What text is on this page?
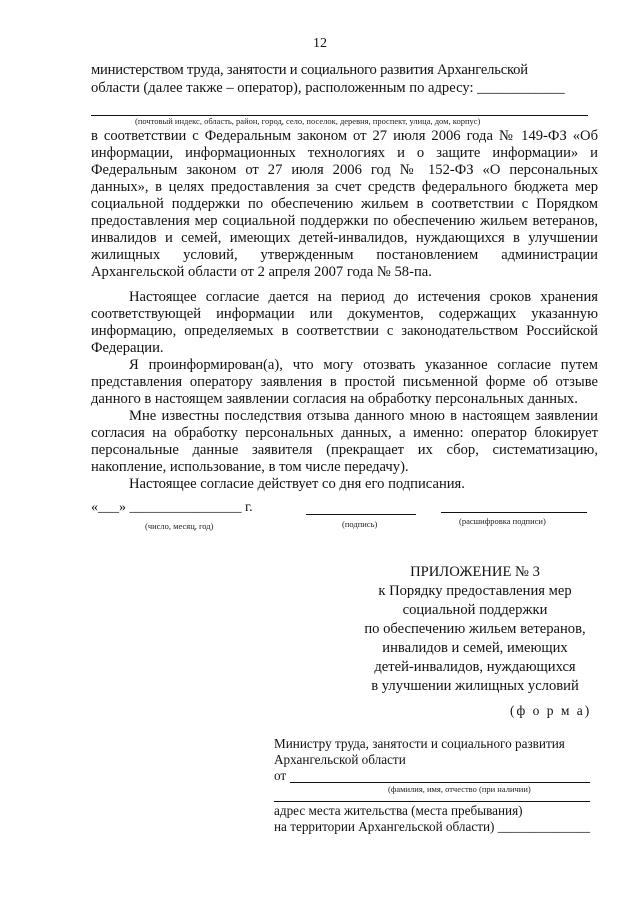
12
министерством труда, занятости и социального развития Архангельской
области (далее также – оператор), расположенным по адресу: ____________
(почтовый индекс, область, район, город, село, поселок, деревня, проспект, улица, дом, корпус)
в соответствии с Федеральным законом от 27 июля 2006 года № 149-ФЗ «Об информации, информационных технологиях и о защите информации» и Федеральным законом от 27 июля 2006 год № 152-ФЗ «О персональных данных», в целях предоставления за счет средств федерального бюджета мер социальной поддержки по обеспечению жильем в соответствии с Порядком предоставления мер социальной поддержки по обеспечению жильем ветеранов, инвалидов и семей, имеющих детей-инвалидов, нуждающихся в улучшении жилищных условий, утвержденным постановлением администрации Архангельской области от 2 апреля 2007 года № 58-па.
Настоящее согласие дается на период до истечения сроков хранения соответствующей информации или документов, содержащих указанную информацию, определяемых в соответствии с законодательством Российской Федерации.
Я проинформирован(а), что могу отозвать указанное согласие путем представления оператору заявления в простой письменной форме об отзыве данного в настоящем заявлении согласия на обработку персональных данных.
Мне известны последствия отзыва данного мною в настоящем заявлении согласия на обработку персональных данных, а именно: оператор блокирует персональные данные заявителя (прекращает их сбор, систематизацию, накопление, использование, в том числе передачу).
Настоящее согласие действует со дня его подписания.
«___» ________________ г.
(число, месяц, год)	(подпись)	(расшифровка подписи)
ПРИЛОЖЕНИЕ № 3
к Порядку предоставления мер
социальной поддержки
по обеспечению жильем ветеранов,
инвалидов и семей, имеющих
детей-инвалидов, нуждающихся
в улучшении жилищных условий
(ф о р м а)
Министру труда, занятости и социального развития
Архангельской области
от
(фамилия, имя, отчество (при наличии)
адрес места жительства (места пребывания)
на территории Архангельской области) ______________
